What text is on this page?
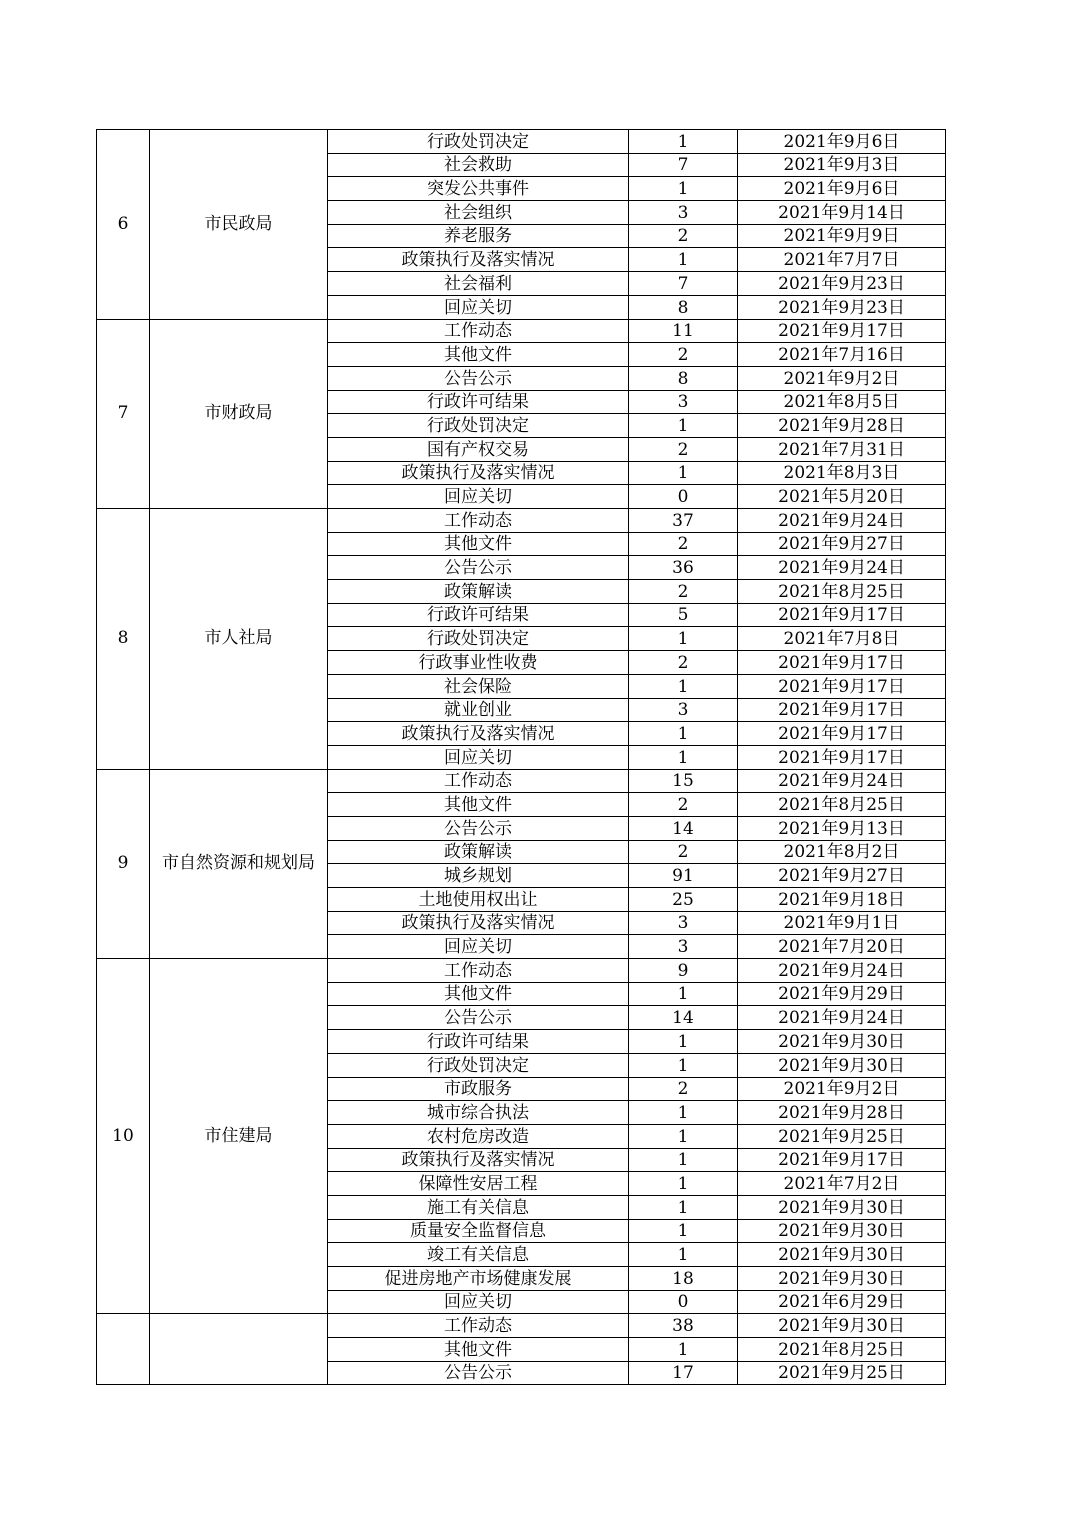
6	市民政局	行政处罚决定	1	2021年9月6日
		社会救助	7	2021年9月3日
		突发公共事件	1	2021年9月6日
		社会组织	3	2021年9月14日
		养老服务	2	2021年9月9日
		政策执行及落实情况	1	2021年7月7日
		社会福利	7	2021年9月23日
		回应关切	8	2021年9月23日
7	市财政局	工作动态	11	2021年9月17日
		其他文件	2	2021年7月16日
		公告公示	8	2021年9月2日
		行政许可结果	3	2021年8月5日
		行政处罚决定	1	2021年9月28日
		国有产权交易	2	2021年7月31日
		政策执行及落实情况	1	2021年8月3日
		回应关切	0	2021年5月20日
8	市人社局	工作动态	37	2021年9月24日
		其他文件	2	2021年9月27日
		公告公示	36	2021年9月24日
		政策解读	2	2021年8月25日
		行政许可结果	5	2021年9月17日
		行政处罚决定	1	2021年7月8日
		行政事业性收费	2	2021年9月17日
		社会保险	1	2021年9月17日
		就业创业	3	2021年9月17日
		政策执行及落实情况	1	2021年9月17日
		回应关切	1	2021年9月17日
9	市自然资源和规划局	工作动态	15	2021年9月24日
		其他文件	2	2021年8月25日
		公告公示	14	2021年9月13日
		政策解读	2	2021年8月2日
		城乡规划	91	2021年9月27日
		土地使用权出让	25	2021年9月18日
		政策执行及落实情况	3	2021年9月1日
		回应关切	3	2021年7月20日
10	市住建局	工作动态	9	2021年9月24日
		其他文件	1	2021年9月29日
		公告公示	14	2021年9月24日
		行政许可结果	1	2021年9月30日
		行政处罚决定	1	2021年9月30日
		市政服务	2	2021年9月2日
		城市综合执法	1	2021年9月28日
		农村危房改造	1	2021年9月25日
		政策执行及落实情况	1	2021年9月17日
		保障性安居工程	1	2021年7月2日
		施工有关信息	1	2021年9月30日
		质量安全监督信息	1	2021年9月30日
		竣工有关信息	1	2021年9月30日
		促进房地产市场健康发展	18	2021年9月30日
		回应关切	0	2021年6月29日
		工作动态	38	2021年9月30日
		其他文件	1	2021年8月25日
		公告公示	17	2021年9月25日
